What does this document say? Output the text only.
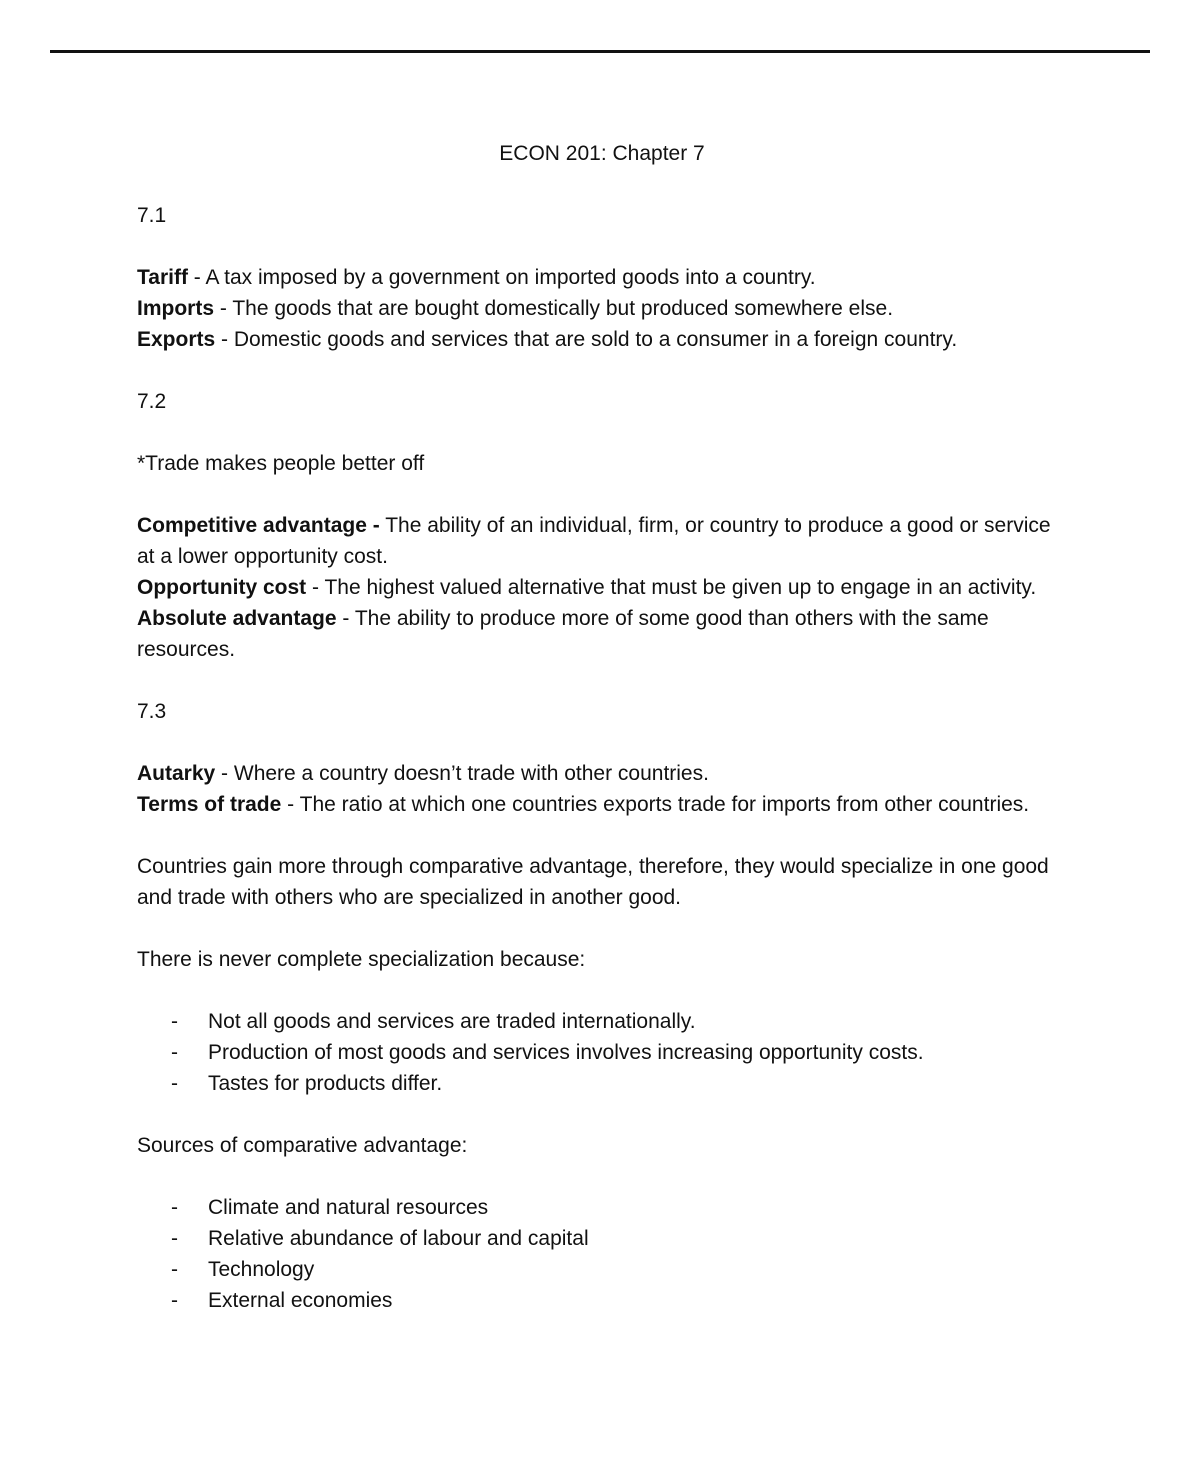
ECON 201: Chapter 7

7.1

Tariff - A tax imposed by a government on imported goods into a country.

Imports - The goods that are bought domestically but produced somewhere else.

Exports - Domestic goods and services that are sold to a consumer in a foreign country.

7.2

*Trade makes people better off

Competitive advantage - The ability of an individual, firm, or country to produce a good or service at a lower opportunity cost.

Opportunity cost - The highest valued alternative that must be given up to engage in an activity.

Absolute advantage - The ability to produce more of some good than others with the same resources.

7.3

Autarky - Where a country doesn’t trade with other countries.

Terms of trade - The ratio at which one countries exports trade for imports from other countries.

Countries gain more through comparative advantage, therefore, they would specialize in one good and trade with others who are specialized in another good.

There is never complete specialization because:

- Not all goods and services are traded internationally.
- Production of most goods and services involves increasing opportunity costs.
- Tastes for products differ.

Sources of comparative advantage:

- Climate and natural resources
- Relative abundance of labour and capital
- Technology
- External economies
